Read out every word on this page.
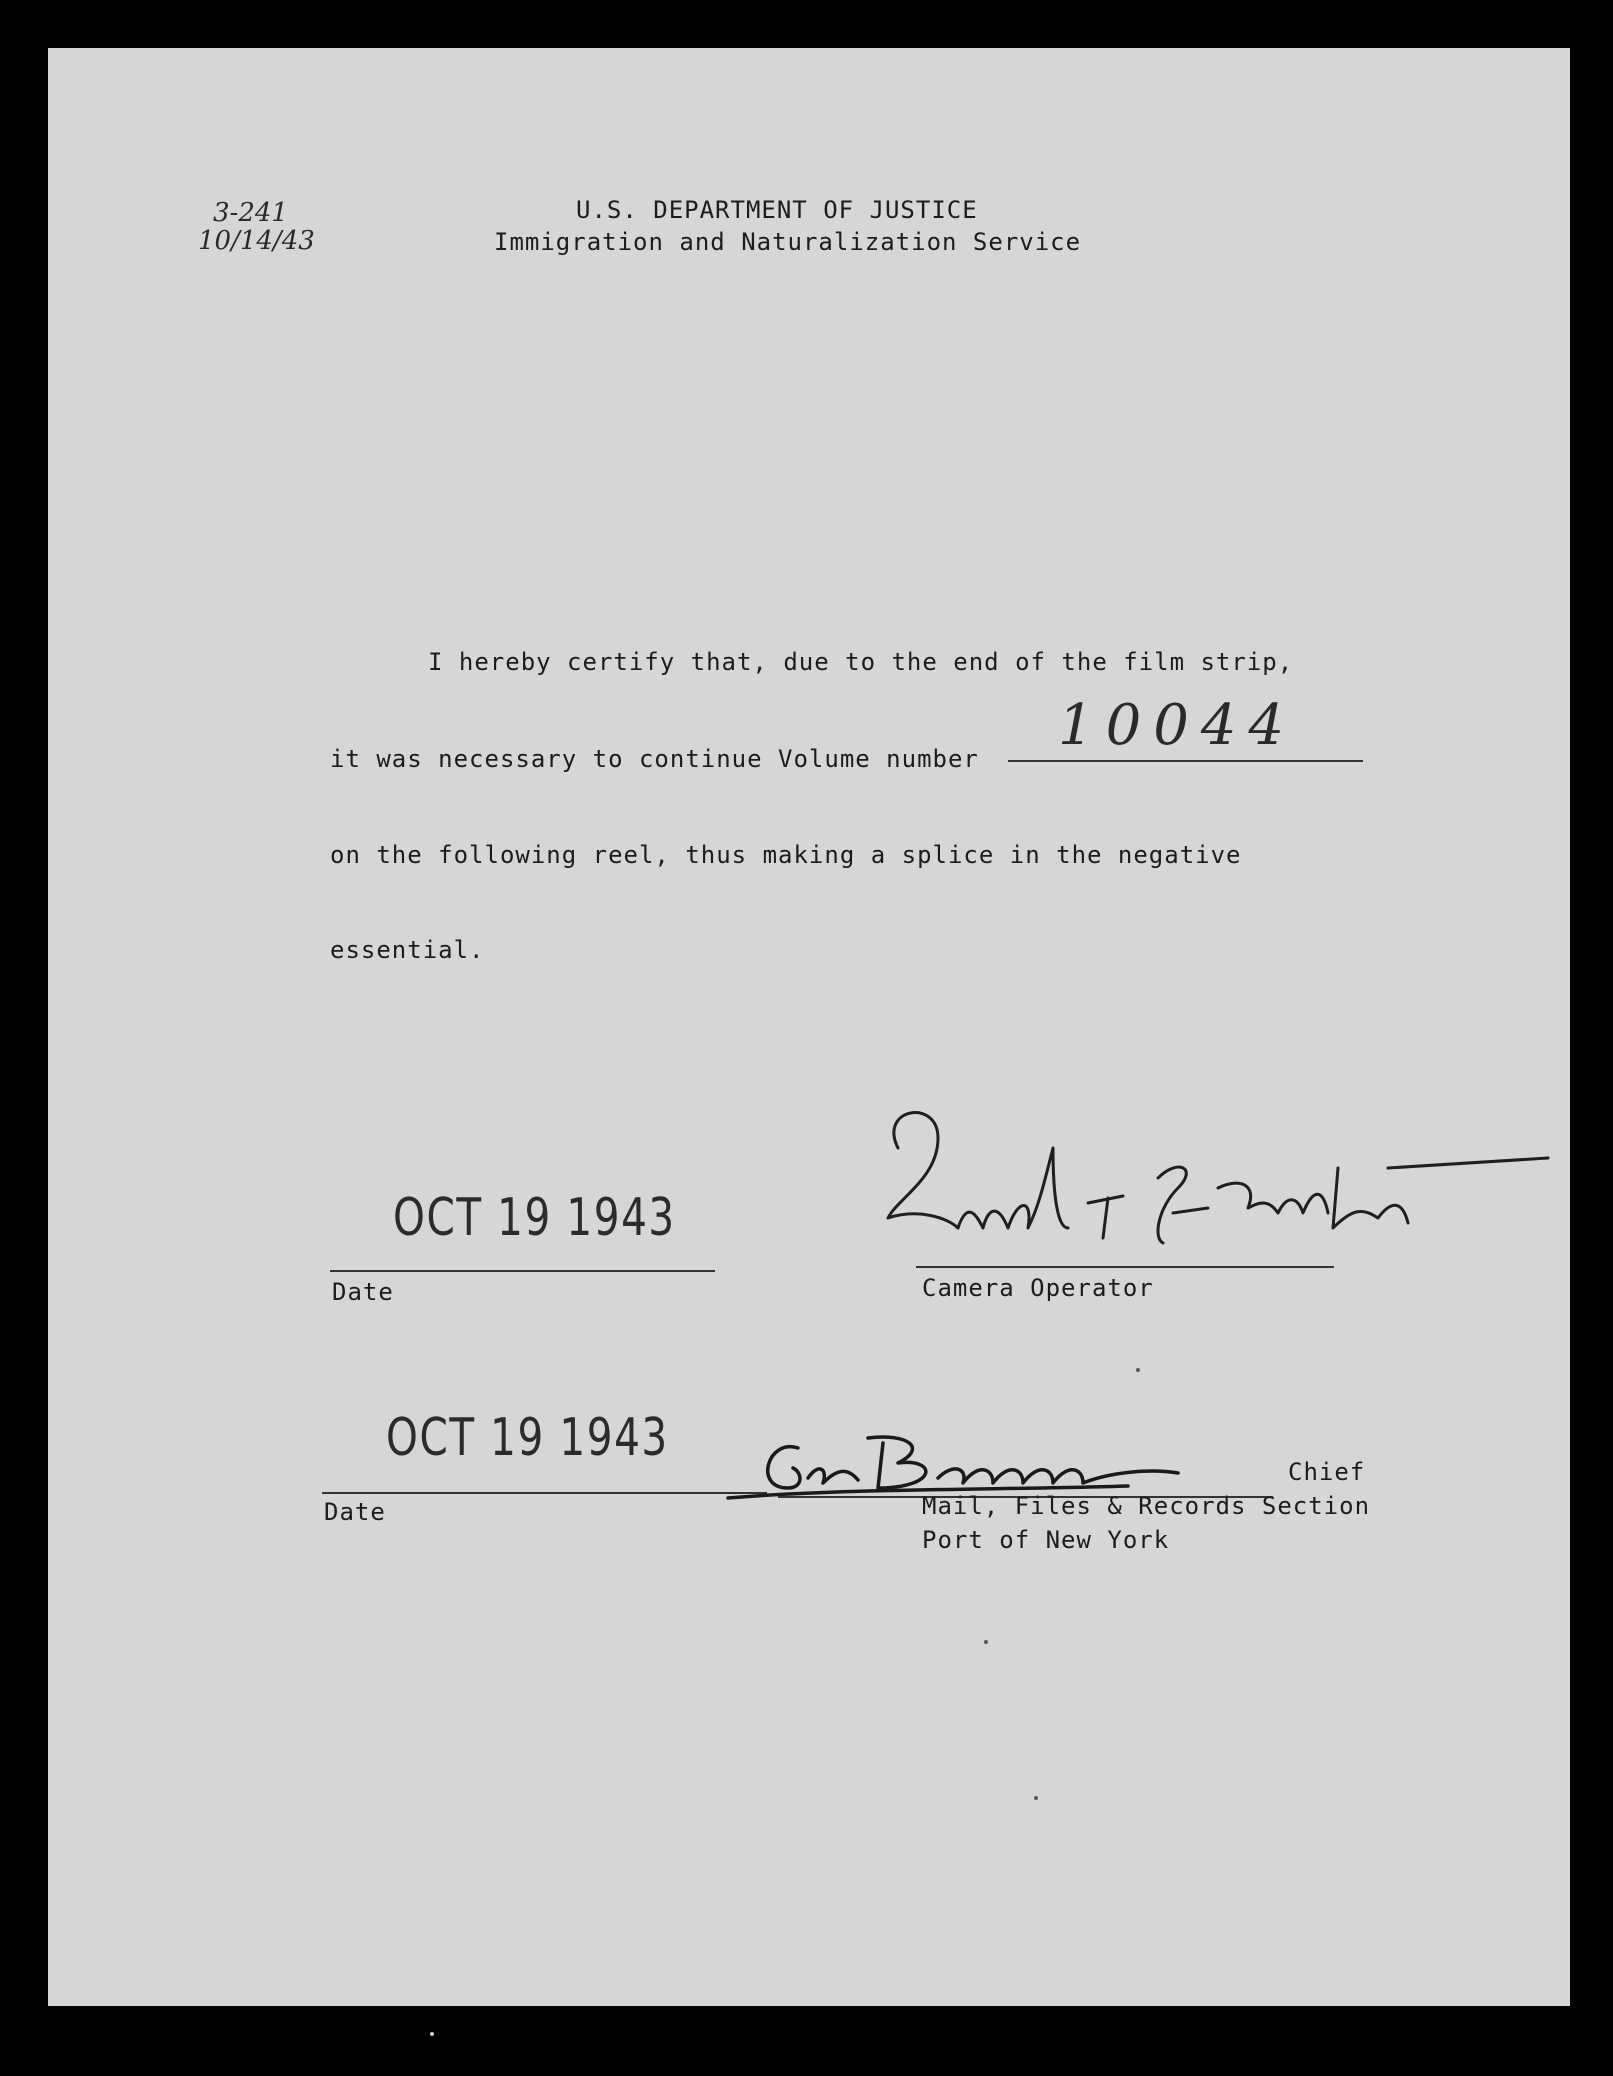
3-241
10/14/43
U.S. DEPARTMENT OF JUSTICE
Immigration and Naturalization Service
I hereby certify that, due to the end of the film strip,
it was necessary to continue Volume number
10044
on the following reel, thus making a splice in the negative
essential.
OCT 19 1943
Date	Camera Operator
OCT 19 1943
Date
Chief
Mail, Files & Records Section
Port of New York
